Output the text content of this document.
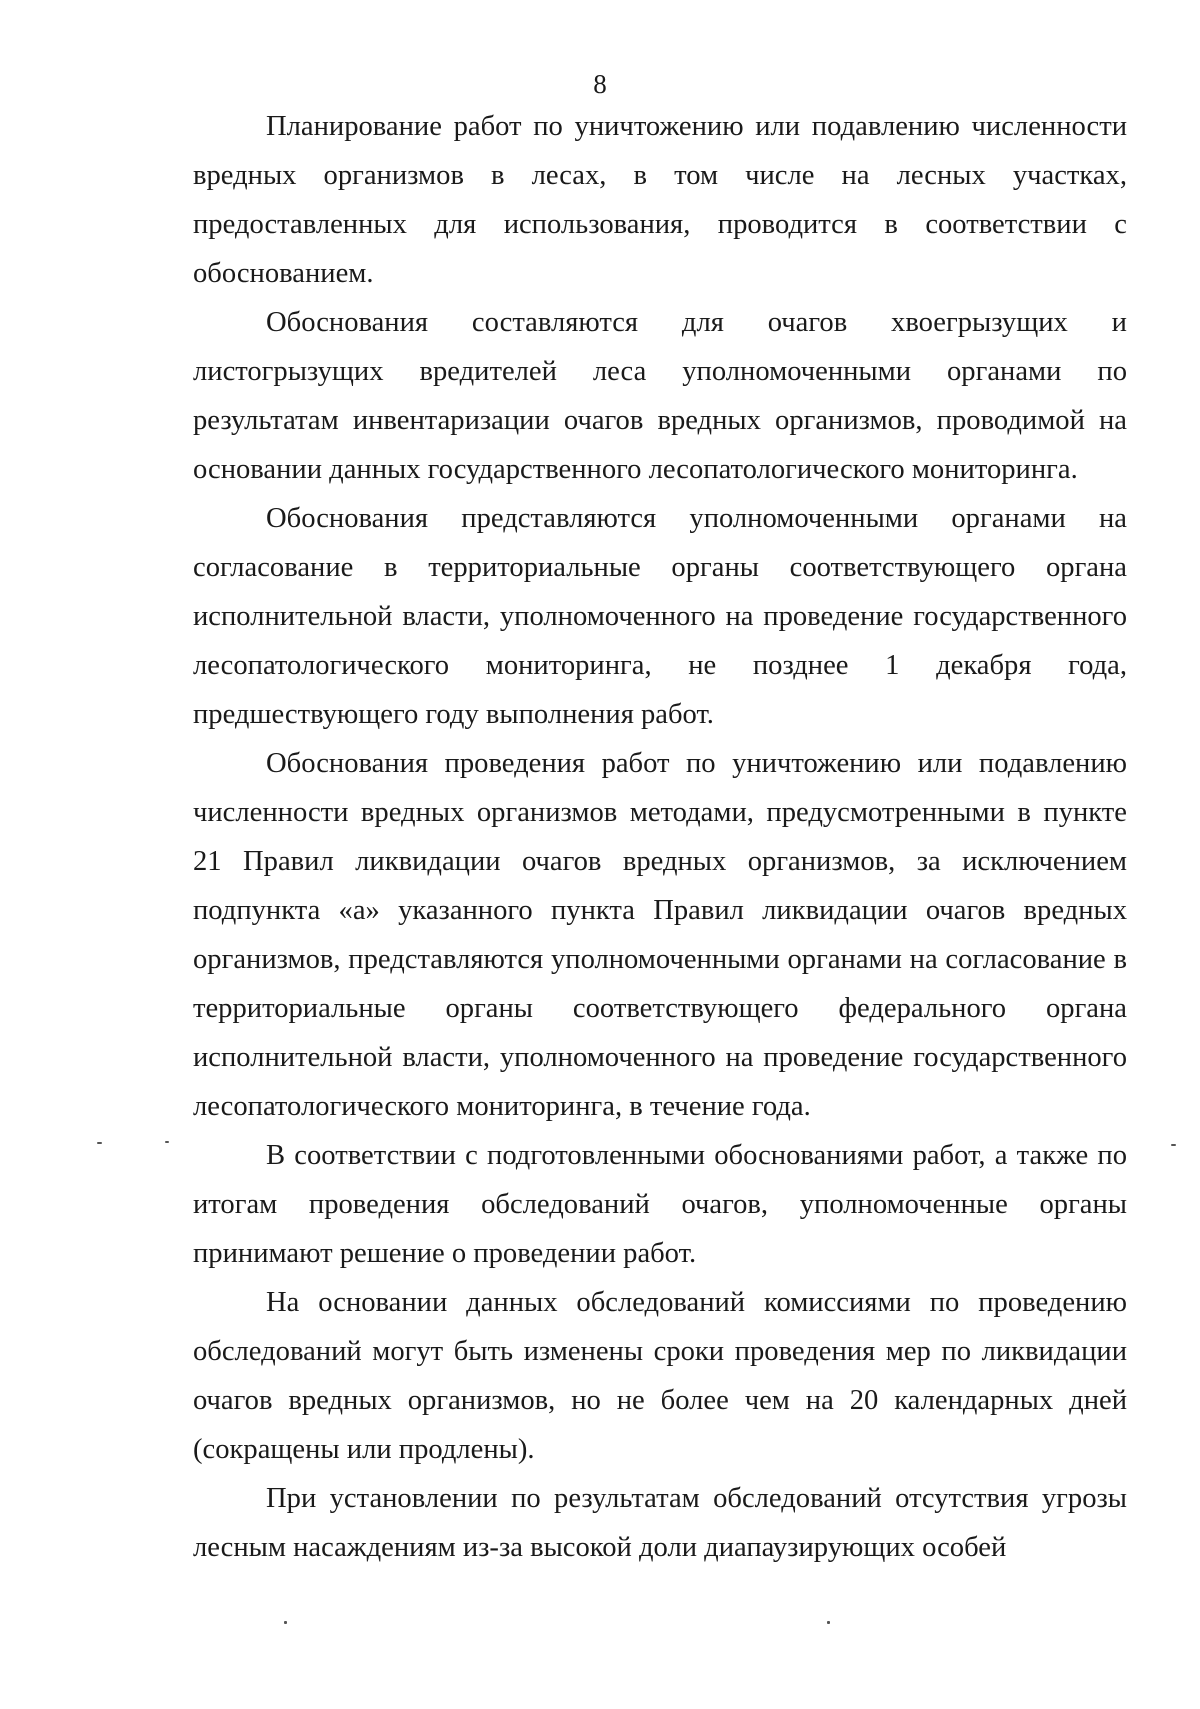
8

Планирование работ по уничтожению или подавлению численности вредных организмов в лесах, в том числе на лесных участках, предоставленных для использования, проводится в соответствии с обоснованием.

Обоснования составляются для очагов хвоегрызущих и листогрызущих вредителей леса уполномоченными органами по результатам инвентаризации очагов вредных организмов, проводимой на основании данных государственного лесопатологического мониторинга.

Обоснования представляются уполномоченными органами на согласование в территориальные органы соответствующего органа исполнительной власти, уполномоченного на проведение государственного лесопатологического мониторинга, не позднее 1 декабря года, предшествующего году выполнения работ.

Обоснования проведения работ по уничтожению или подавлению численности вредных организмов методами, предусмотренными в пункте 21 Правил ликвидации очагов вредных организмов, за исключением подпункта «а» указанного пункта Правил ликвидации очагов вредных организмов, представляются уполномоченными органами на согласование в территориальные органы соответствующего федерального органа исполнительной власти, уполномоченного на проведение государственного лесопатологического мониторинга, в течение года.

В соответствии с подготовленными обоснованиями работ, а также по итогам проведения обследований очагов, уполномоченные органы принимают решение о проведении работ.

На основании данных обследований комиссиями по проведению обследований могут быть изменены сроки проведения мер по ликвидации очагов вредных организмов, но не более чем на 20 календарных дней (сокращены или продлены).

При установлении по результатам обследований отсутствия угрозы лесным насаждениям из-за высокой доли диапаузирующих особей
